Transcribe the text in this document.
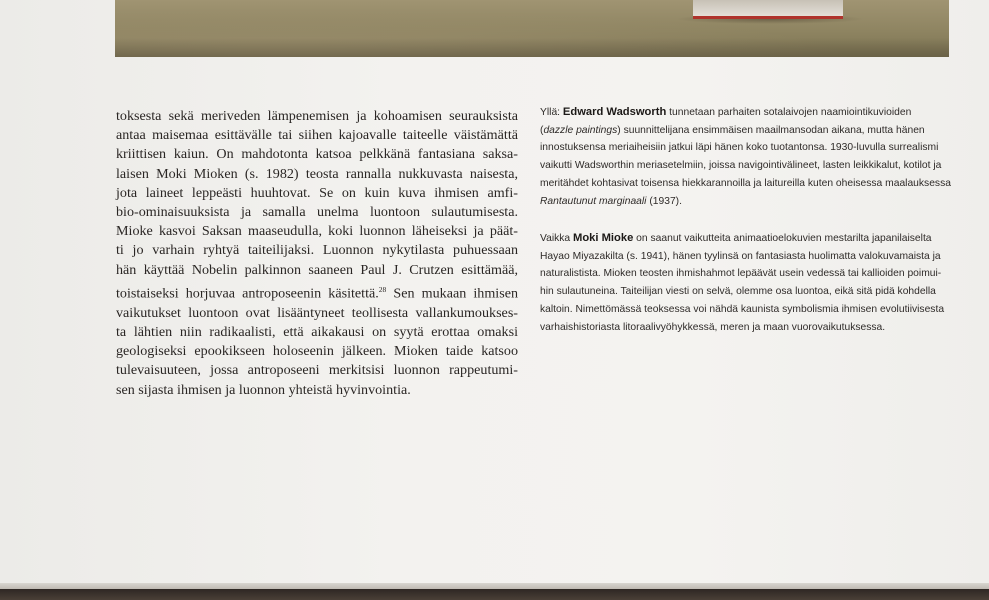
toksesta sekä meriveden lämpenemisen ja kohoamisen seurauksista
antaa maisemaa esittävälle tai siihen kajoavalle taiteelle väistämättä
kriittisen kaiun. On mahdotonta katsoa pelkkänä fantasiana saksa-
laisen Moki Mioken (s. 1982) teosta rannalla nukkuvasta naisesta,
jota laineet leppeästi huuhtovat. Se on kuin kuva ihmisen amfi-
bio-ominaisuuksista ja samalla unelma luontoon sulautumisesta.
Mioke kasvoi Saksan maaseudulla, koki luonnon läheiseksi ja päät-
ti jo varhain ryhtyä taiteilijaksi. Luonnon nykytilasta puhuessaan
hän käyttää Nobelin palkinnon saaneen Paul J. Crutzen esittämää,
toistaiseksi horjuvaa antroposeenin käsitettä.$^{28}$ Sen mukaan ihmisen
vaikutukset luontoon ovat lisääntyneet teollisesta vallankumoukses-
ta lähtien niin radikaalisti, että aikakausi on syytä erottaa omaksi
geologiseksi epookikseen holoseenin jälkeen. Mioken taide katsoo
tulevaisuuteen, jossa antroposeeni merkitsisi luonnon rappeutumi-
sen sijasta ihmisen ja luonnon yhteistä hyvinvointia.
Yllä: Edward Wadsworth tunnetaan parhaiten sotalaivojen naamiointikuvioiden
(dazzle paintings) suunnittelijana ensimmäisen maailmansodan aikana, mutta hänen
innostuksensa meriaiheisiin jatkui läpi hänen koko tuotantonsa. 1930-luvulla surrealismi
vaikutti Wadsworthin meriasetelmiin, joissa navigointivälineet, lasten leikkikalut, kotilot ja
meritähdet kohtasivat toisensa hiekkarannoilla ja laitureilla kuten oheisessa maalauksessa
Rantautunut marginaali (1937).
Vaikka Moki Mioke on saanut vaikutteita animaatioelokuvien mestarilta japanilaiselta
Hayao Miyazakilta (s. 1941), hänen tyylinsä on fantasiasta huolimatta valokuvamaista ja
naturalistista. Mioken teosten ihmishahmot lepäävät usein vedessä tai kallioiden poimui-
hin sulautuneina. Taiteilijan viesti on selvä, olemme osa luontoa, eikä sitä pidä kohdella
kaltoin. Nimettömässä teoksessa voi nähdä kaunista symbolismia ihmisen evolutiivisesta
varhaishistoriasta litoraalivyöhykkessä, meren ja maan vuorovaikutuksessa.
